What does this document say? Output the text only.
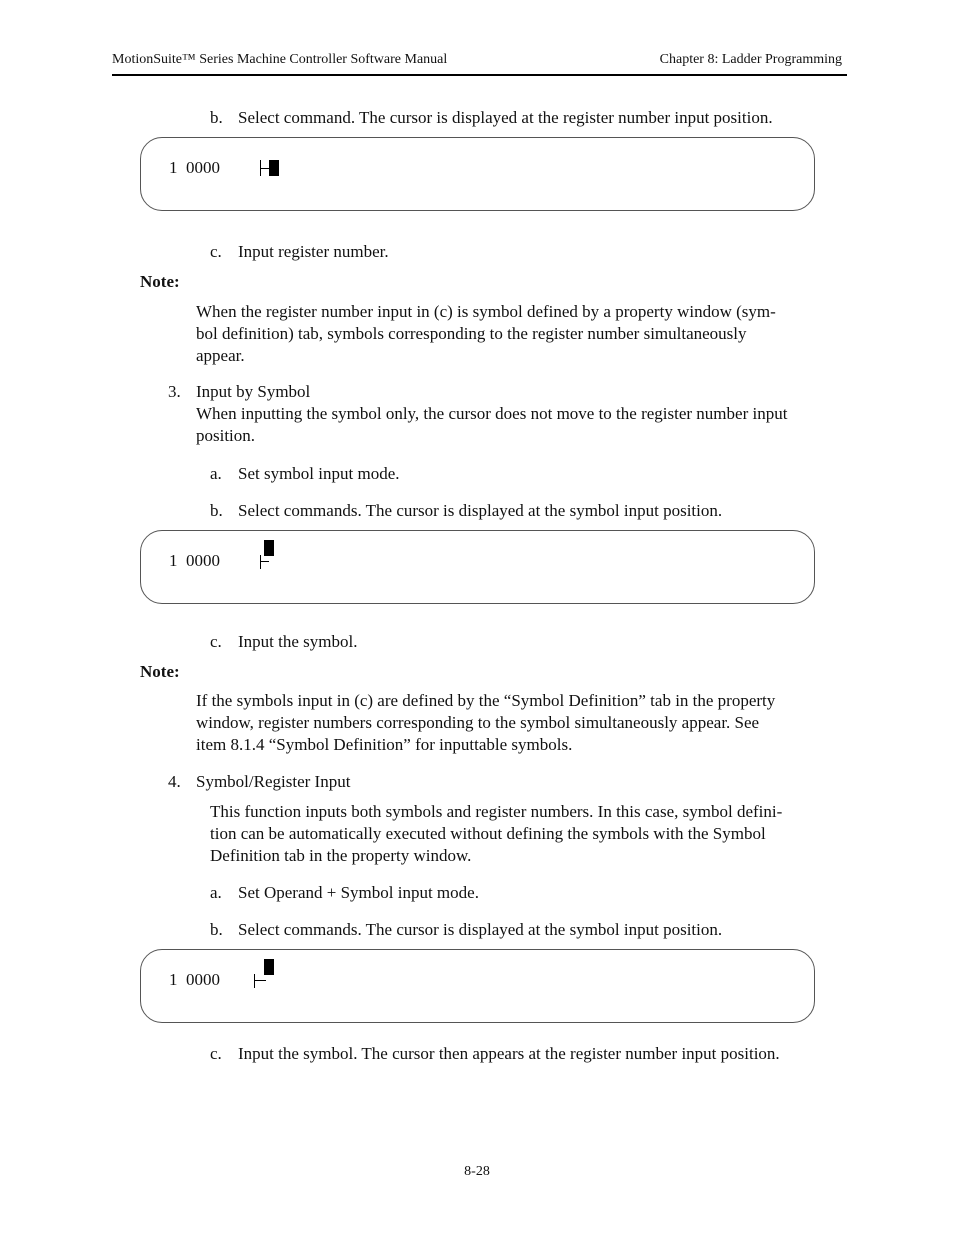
MotionSuite™ Series Machine Controller Software Manual	Chapter 8: Ladder Programming
b. Select command. The cursor is displayed at the register number input position.
1 0000
c. Input register number.
Note:
When the register number input in (c) is symbol defined by a property window (sym-
bol definition) tab, symbols corresponding to the register number simultaneously
appear.
3. Input by Symbol
When inputting the symbol only, the cursor does not move to the register number input
position.
a. Set symbol input mode.
b. Select commands. The cursor is displayed at the symbol input position.
1 0000
c. Input the symbol.
Note:
If the symbols input in (c) are defined by the “Symbol Definition” tab in the property
window, register numbers corresponding to the symbol simultaneously appear. See
item 8.1.4 “Symbol Definition” for inputtable symbols.
4. Symbol/Register Input
This function inputs both symbols and register numbers. In this case, symbol defini-
tion can be automatically executed without defining the symbols with the Symbol
Definition tab in the property window.
a. Set Operand + Symbol input mode.
b. Select commands. The cursor is displayed at the symbol input position.
1 0000
c. Input the symbol. The cursor then appears at the register number input position.
8-28
